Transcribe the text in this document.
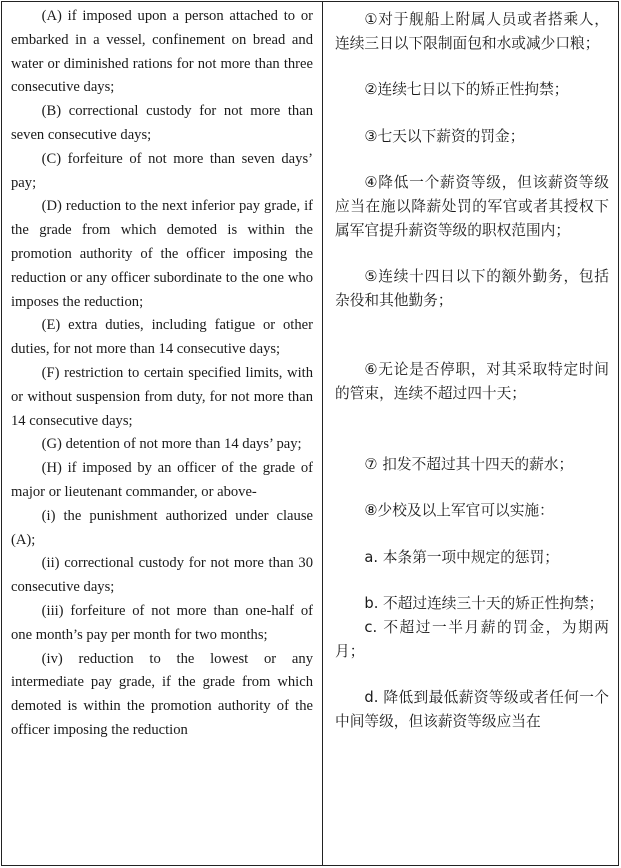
(A) if imposed upon a person attached to or embarked in a vessel, confinement on bread and water or diminished rations for not more than three consecutive days;

(B) correctional custody for not more than seven consecutive days;

(C) forfeiture of not more than seven days’ pay;

(D) reduction to the next inferior pay grade, if the grade from which demoted is within the promotion authority of the officer imposing the reduction or any officer subordinate to the one who imposes the reduction;

(E) extra duties, including fatigue or other duties, for not more than 14 consecutive days;

(F) restriction to certain specified limits, with or without suspension from duty, for not more than 14 consecutive days;

(G) detention of not more than 14 days’ pay;

(H) if imposed by an officer of the grade of major or lieutenant commander, or above-

(i) the punishment authorized under clause (A);

(ii) correctional custody for not more than 30 consecutive days;

(iii) forfeiture of not more than one-half of one month’s pay per month for two months;

(iv) reduction to the lowest or any intermediate pay grade, if the grade from which demoted is within the promotion authority of the officer imposing the reduction

①对于舰船上附属人员或者搭乘人，连续三日以下限制面包和水或减少口粮；

②连续七日以下的矫正性拘禁；

③七天以下薪资的罚金；

④降低一个薪资等级，但该薪资等级应当在施以降薪处罚的军官或者其授权下属军官提升薪资等级的职权范围内；

⑤连续十四日以下的额外勤务，包括杂役和其他勤务；

⑥无论是否停职，对其采取特定时间的管束，连续不超过四十天；

⑦ 扣发不超过其十四天的薪水；

⑧少校及以上军官可以实施：

a. 本条第一项中规定的惩罚；

b. 不超过连续三十天的矫正性拘禁；

c. 不超过一半月薪的罚金，为期两月；

d. 降低到最低薪资等级或者任何一个中间等级，但该薪资等级应当在
